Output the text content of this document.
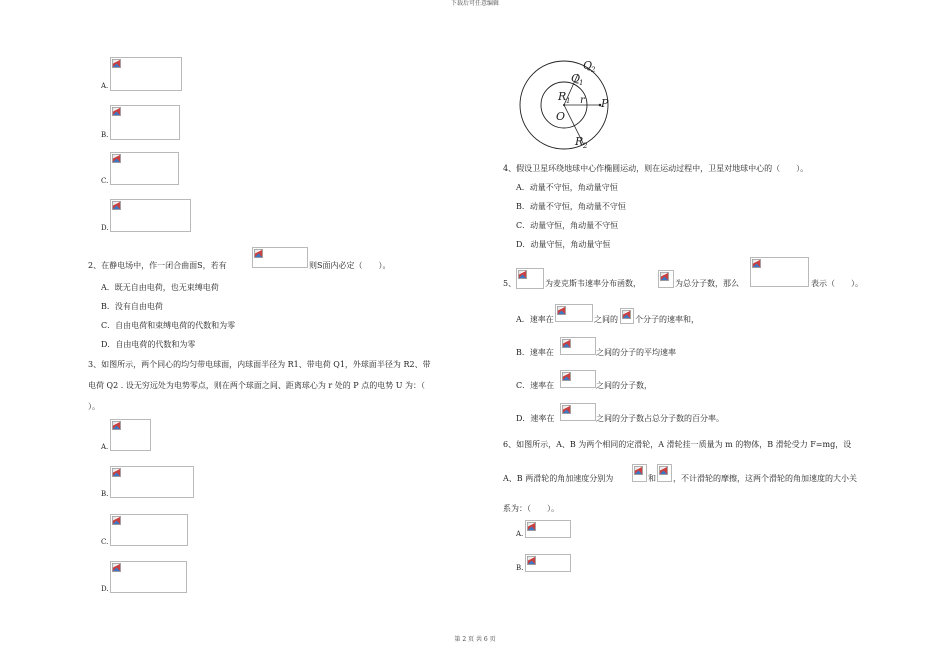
下载后可任意编辑
第 2 页 共 6 页
A.
B.
C.
D.
2、在静电场中，作一闭合曲面S，若有	则S面内必定（　　）。
A．既无自由电荷，也无束缚电荷
B．没有自由电荷
C．自由电荷和束缚电荷的代数和为零
D．自由电荷的代数和为零
3、如图所示，两个同心的均匀带电球面，内球面半径为 R1、带电荷 Q1，外球面半径为 R2、带
电荷 Q2 . 设无穷远处为电势零点，则在两个球面之间、距离球心为 r 处的 P 点的电势 U 为：（
）。
A.
B.
C.
D.
Q
2
Q
1
R 1 r P
O
R 2
4、假设卫星环绕地球中心作椭圆运动，则在运动过程中，卫星对地球中心的（　　）。
A．动量不守恒，角动量守恒
B．动量不守恒，角动量不守恒
C．动量守恒，角动量不守恒
D．动量守恒，角动量守恒
5、	为麦克斯韦速率分布函数，	为总分子数，那么	表示（　　）。
A．速率在	之间的 个分子的速率和，
B．速率在	之间的分子的平均速率
C．速率在	之间的分子数，
D．速率在	之间的分子数占总分子数的百分率。
6、如图所示，A、B 为两个相同的定滑轮，A 滑轮挂一质量为 m 的物体，B 滑轮受力 F=mg，设
A、B 两滑轮的角加速度分别为	和 ，不计滑轮的摩擦，这两个滑轮的角加速度的大小关
系为：（　　）。
A.
B.
